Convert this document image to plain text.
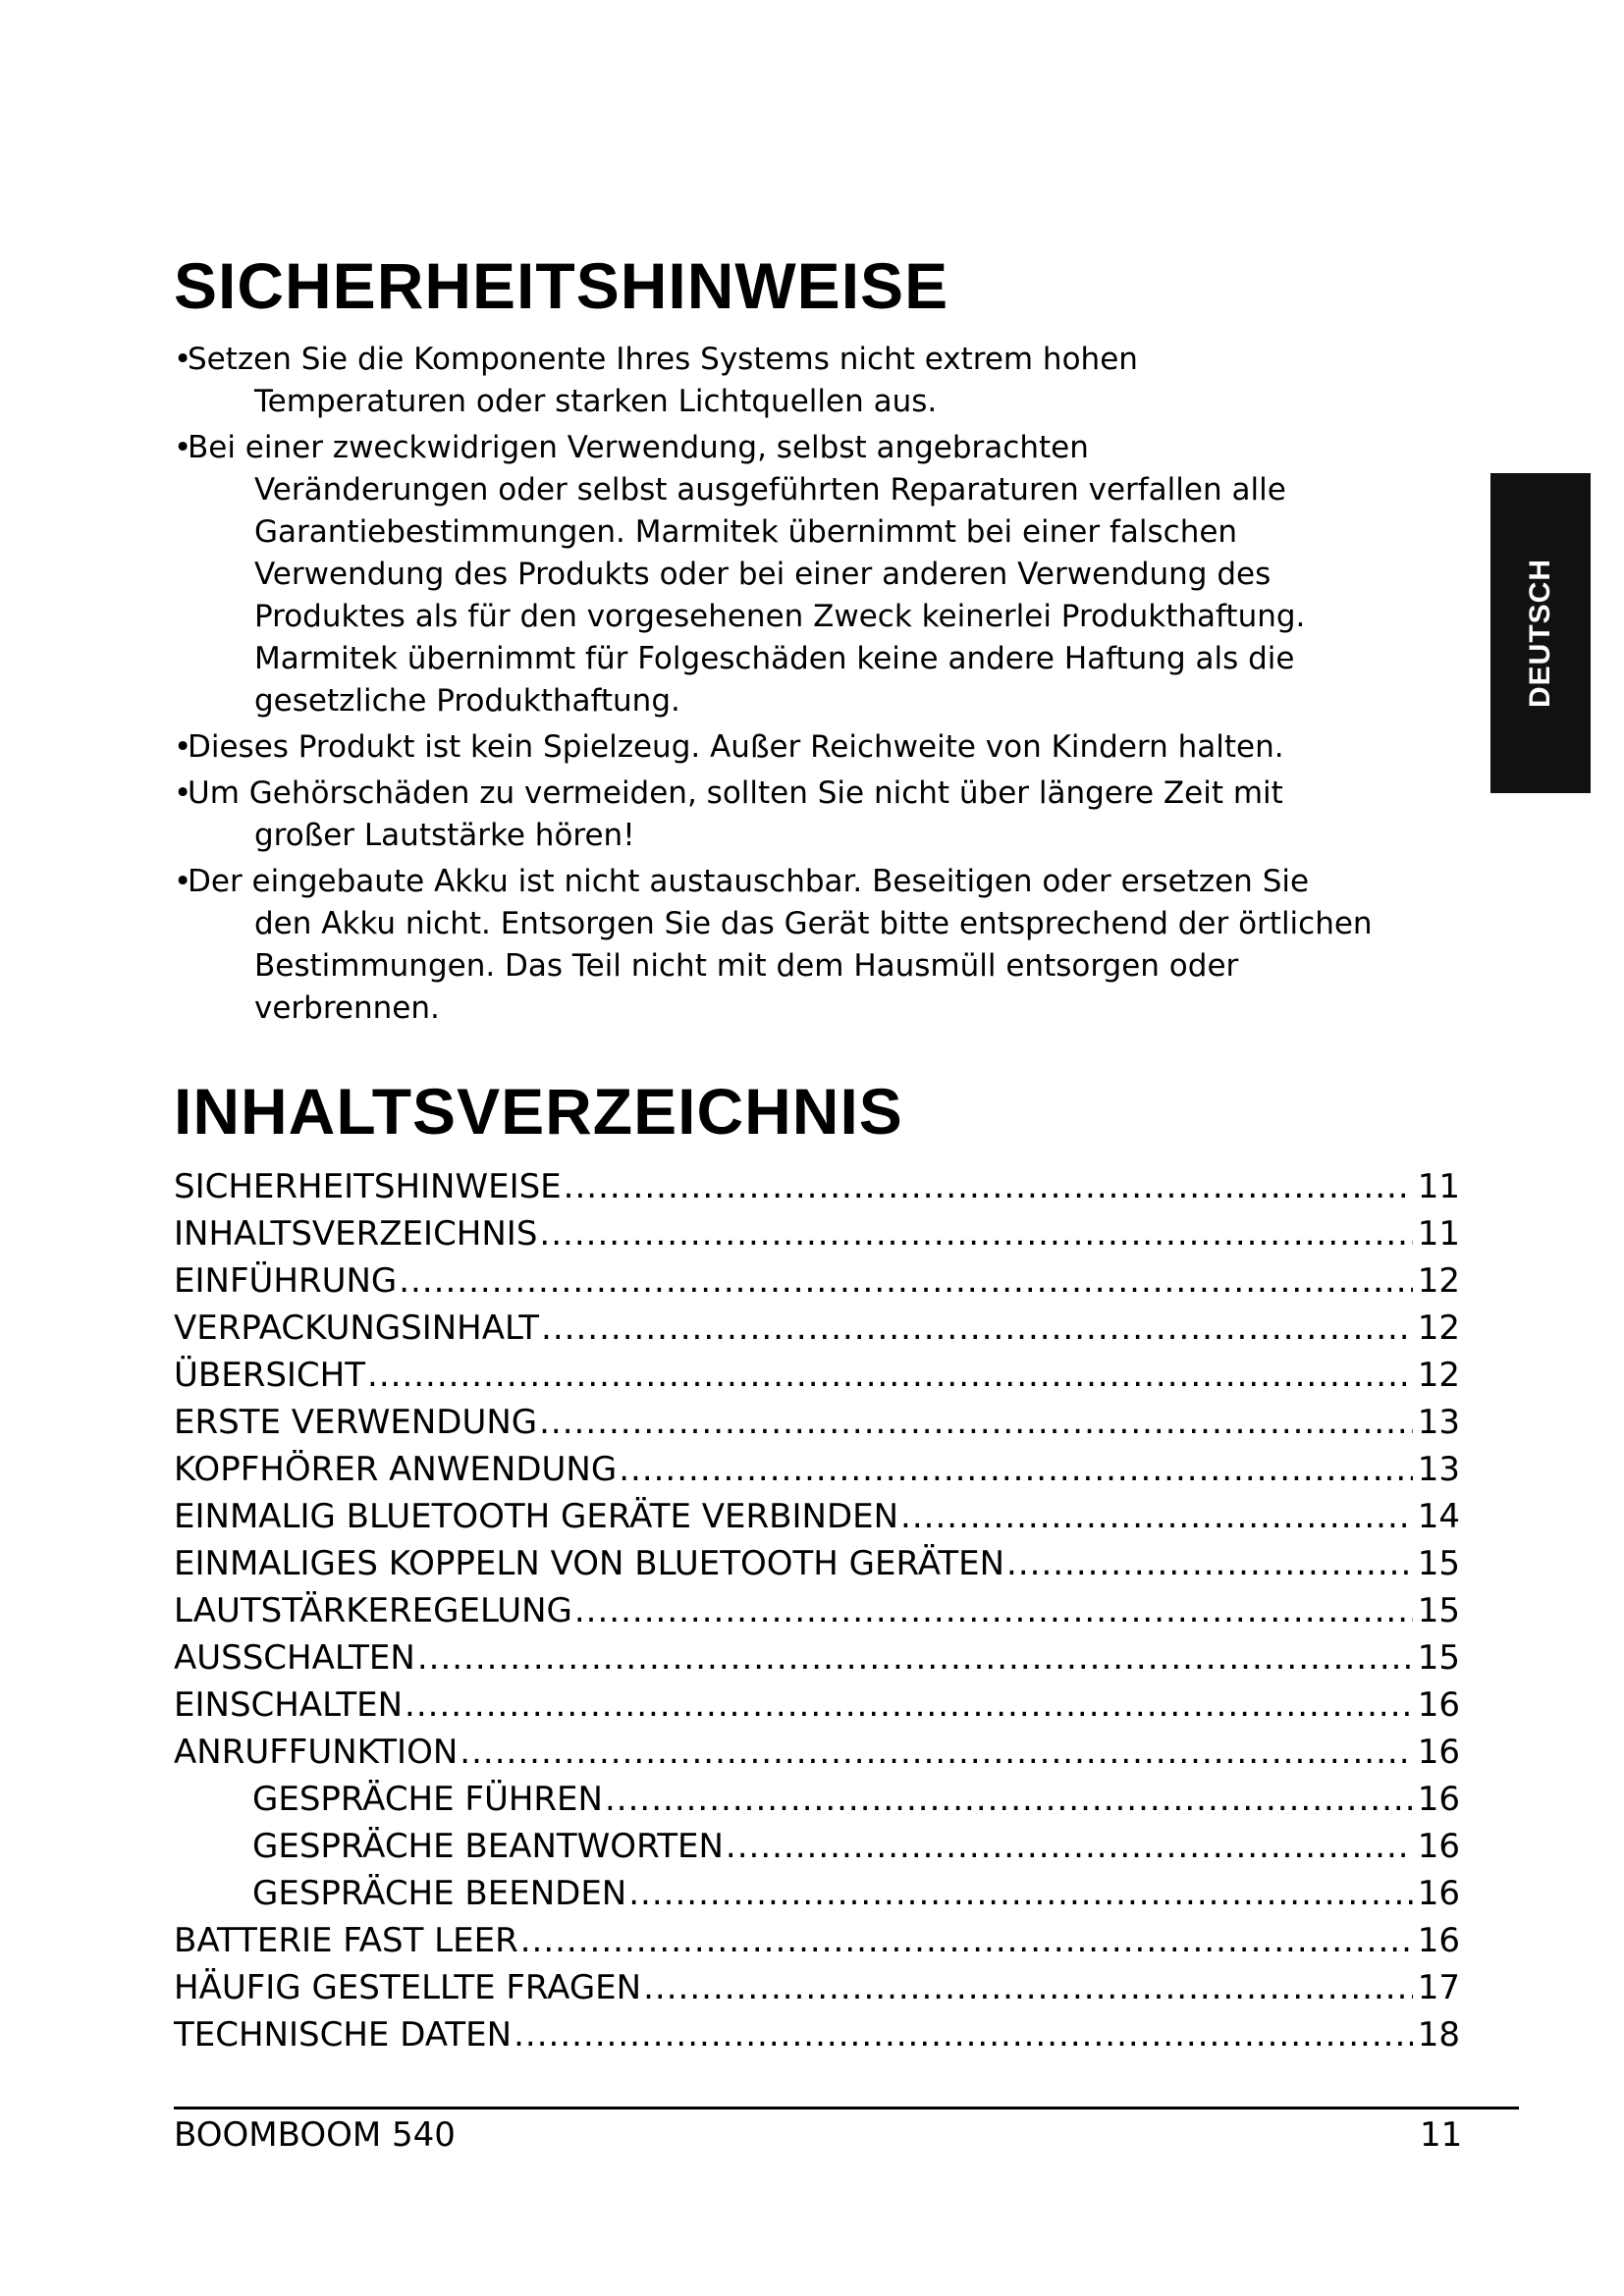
SICHERHEITSHINWEISE
•
Setzen Sie die Komponente Ihres Systems nicht extrem hohen
Temperaturen oder starken Lichtquellen aus.
•
Bei einer zweckwidrigen Verwendung, selbst angebrachten
Veränderungen oder selbst ausgeführten Reparaturen verfallen alle
Garantiebestimmungen. Marmitek übernimmt bei einer falschen
Verwendung des Produkts oder bei einer anderen Verwendung des
Produktes als für den vorgesehenen Zweck keinerlei Produkthaftung.
Marmitek übernimmt für Folgeschäden keine andere Haftung als die
gesetzliche Produkthaftung.
•
Dieses Produkt ist kein Spielzeug. Außer Reichweite von Kindern halten.
•
Um Gehörschäden zu vermeiden, sollten Sie nicht über längere Zeit mit
großer Lautstärke hören!
•
Der eingebaute Akku ist nicht austauschbar. Beseitigen oder ersetzen Sie
den Akku nicht. Entsorgen Sie das Gerät bitte entsprechend der örtlichen
Bestimmungen. Das Teil nicht mit dem Hausmüll entsorgen oder
verbrennen.
INHALTSVERZEICHNIS
SICHERHEITSHINWEISE .....	11
INHALTSVERZEICHNIS .....	11
EINFÜHRUNG .....	12
VERPACKUNGSINHALT .....	12
ÜBERSICHT .....	12
ERSTE VERWENDUNG .....	13
KOPFHÖRER ANWENDUNG .....	13
EINMALIG BLUETOOTH GERÄTE VERBINDEN .....	14
EINMALIGES KOPPELN VON BLUETOOTH GERÄTEN .....	15
LAUTSTÄRKEREGELUNG .....	15
AUSSCHALTEN .....	15
EINSCHALTEN .....	16
ANRUFFUNKTION .....	16
GESPRÄCHE FÜHREN .....	16
GESPRÄCHE BEANTWORTEN .....	16
GESPRÄCHE BEENDEN .....	16
BATTERIE FAST LEER .....	16
HÄUFIG GESTELLTE FRAGEN .....	17
TECHNISCHE DATEN .....	18
DEUTSCH
BOOMBOOM 540	11
